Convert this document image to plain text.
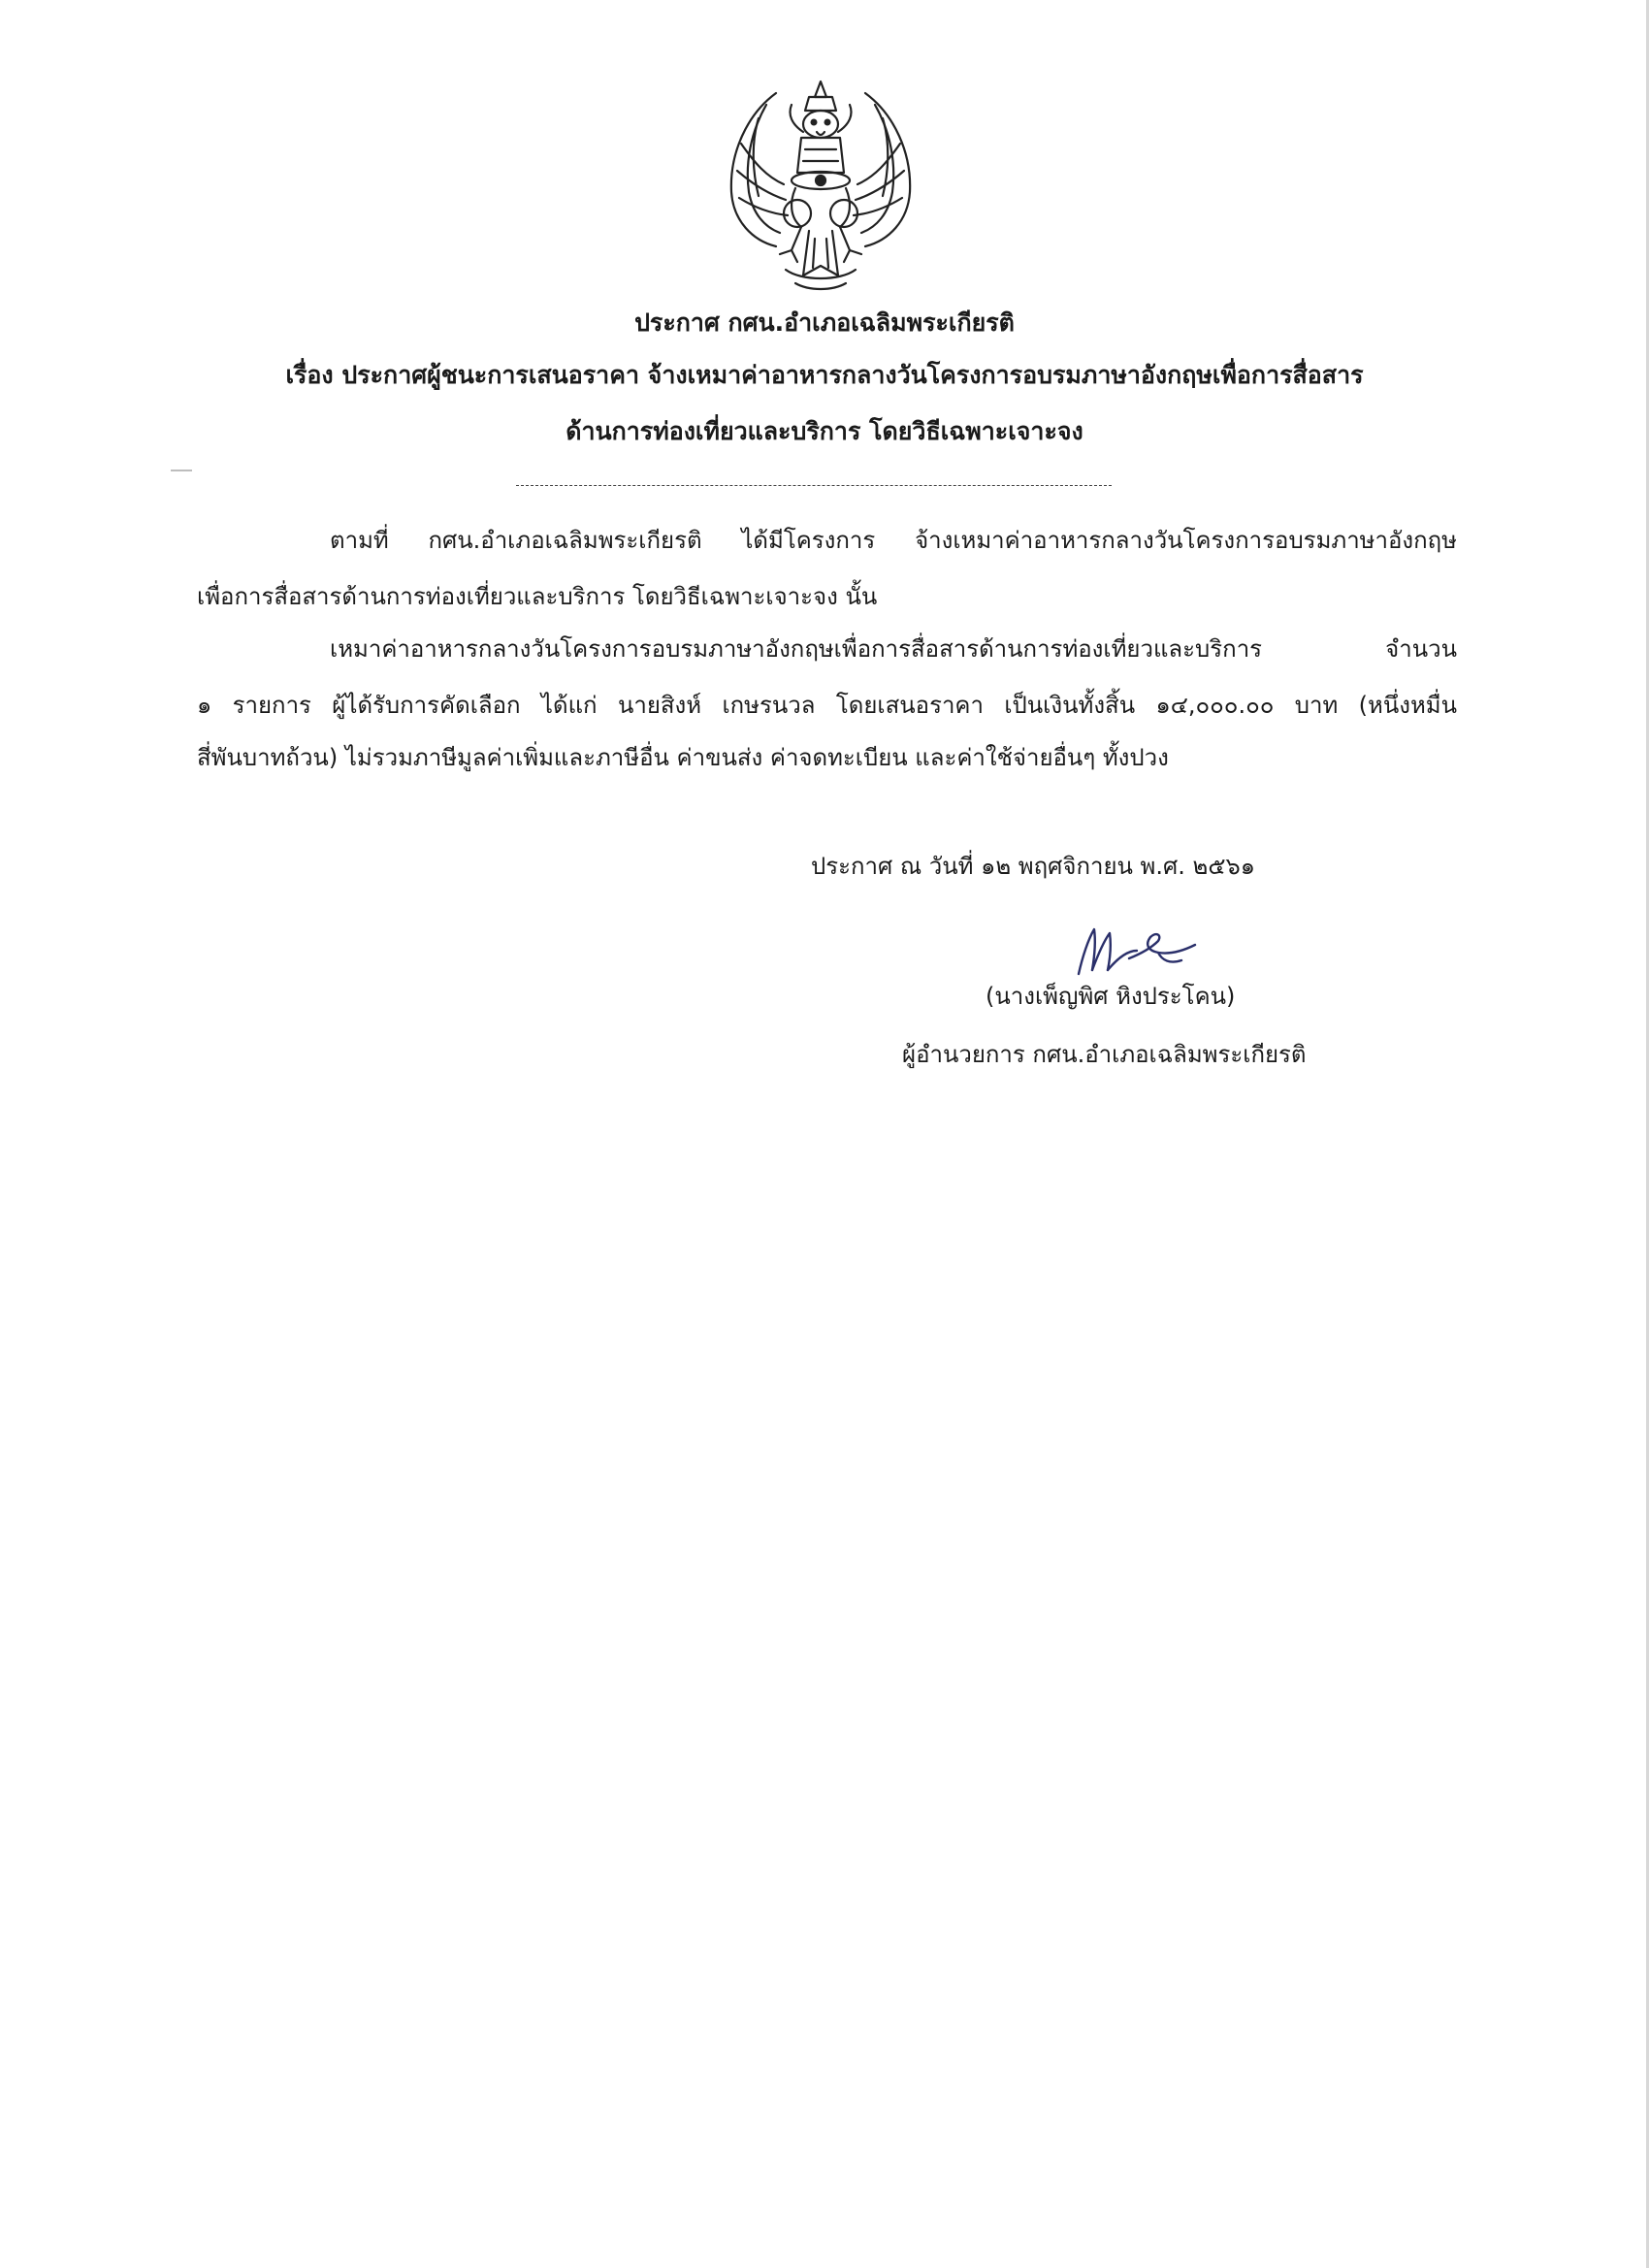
ประกาศ กศน.อำเภอเฉลิมพระเกียรติ
เรื่อง ประกาศผู้ชนะการเสนอราคา จ้างเหมาค่าอาหารกลางวันโครงการอบรมภาษาอังกฤษเพื่อการสื่อสาร
ด้านการท่องเที่ยวและบริการ โดยวิธีเฉพาะเจาะจง
ตามที่ กศน.อำเภอเฉลิมพระเกียรติ ได้มีโครงการ จ้างเหมาค่าอาหารกลางวันโครงการอบรมภาษาอังกฤษ
เพื่อการสื่อสารด้านการท่องเที่ยวและบริการ โดยวิธีเฉพาะเจาะจง นั้น
เหมาค่าอาหารกลางวันโครงการอบรมภาษาอังกฤษเพื่อการสื่อสารด้านการท่องเที่ยวและบริการ จำนวน
๑ รายการ ผู้ได้รับการคัดเลือก ได้แก่ นายสิงห์ เกษรนวล โดยเสนอราคา เป็นเงินทั้งสิ้น ๑๔,๐๐๐.๐๐ บาท (หนึ่งหมื่น
สี่พันบาทถ้วน) ไม่รวมภาษีมูลค่าเพิ่มและภาษีอื่น ค่าขนส่ง ค่าจดทะเบียน และค่าใช้จ่ายอื่นๆ ทั้งปวง
ประกาศ ณ วันที่ ๑๒ พฤศจิกายน พ.ศ. ๒๕๖๑
(นางเพ็ญพิศ หิงประโคน)
ผู้อำนวยการ กศน.อำเภอเฉลิมพระเกียรติ
